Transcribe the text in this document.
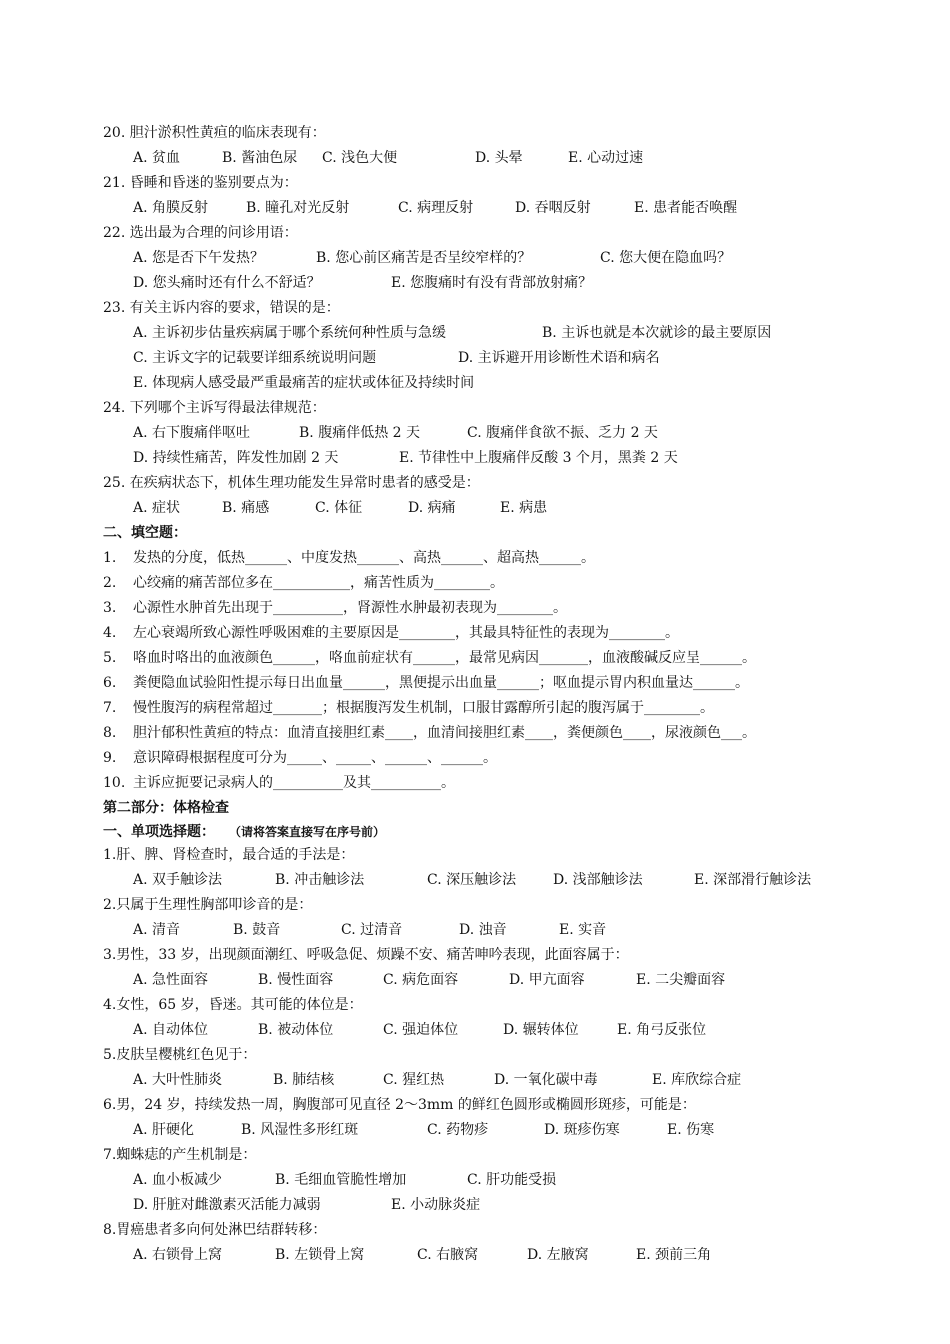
20. 胆汁淤积性黄疸的临床表现有：
A. 贫血	B. 酱油色尿 C. 浅色大便	D. 头晕	E. 心动过速
21. 昏睡和昏迷的鉴别要点为：
A. 角膜反射	B. 瞳孔对光反射	C. 病理反射	D. 吞咽反射	E. 患者能否唤醒
22. 选出最为合理的问诊用语：
A. 您是否下午发热？	B. 您心前区痛苦是否呈绞窄样的？	C. 您大便在隐血吗？
D. 您头痛时还有什么不舒适？	E. 您腹痛时有没有背部放射痛？
23. 有关主诉内容的要求，错误的是：
A. 主诉初步估量疾病属于哪个系统何种性质与急缓	B. 主诉也就是本次就诊的最主要原因
C. 主诉文字的记载要详细系统说明问题	D. 主诉避开用诊断性术语和病名
E. 体现病人感受最严重最痛苦的症状或体征及持续时间
24. 下列哪个主诉写得最法律规范：
A. 右下腹痛伴呕吐	B. 腹痛伴低热 2 天	C. 腹痛伴食欲不振、乏力 2 天
D. 持续性痛苦，阵发性加剧 2 天	E. 节律性中上腹痛伴反酸 3 个月，黑粪 2 天
25. 在疾病状态下，机体生理功能发生异常时患者的感受是：
A. 症状	B. 痛感	C. 体征	D. 病痛	E. 病患
二、填空题：
1. 发热的分度，低热______、中度发热______、高热______、超高热______。
2. 心绞痛的痛苦部位多在___________，痛苦性质为________。
3. 心源性水肿首先出现于__________，肾源性水肿最初表现为________。
4. 左心衰竭所致心源性呼吸困难的主要原因是________，其最具特征性的表现为________。
5. 咯血时咯出的血液颜色______，咯血前症状有______，最常见病因_______，血液酸碱反应呈______。
6. 粪便隐血试验阳性提示每日出血量______，黑便提示出血量______；呕血提示胃内积血量达______。
7. 慢性腹泻的病程常超过_______；根据腹泻发生机制，口服甘露醇所引起的腹泻属于________。
8. 胆汁郁积性黄疸的特点：血清直接胆红素____，血清间接胆红素____，粪便颜色____，尿液颜色___。
9. 意识障碍根据程度可分为_____、_____、______、______。
10. 主诉应扼要记录病人的__________及其__________。
第二部分：体格检查
一、单项选择题： （请将答案直接写在序号前）
1.肝、脾、肾检查时，最合适的手法是：
A. 双手触诊法	B. 冲击触诊法	C. 深压触诊法	D. 浅部触诊法	E. 深部滑行触诊法
2.只属于生理性胸部叩诊音的是：
A. 清音	B. 鼓音	C. 过清音	D. 浊音	E. 实音
3.男性，33 岁，出现颜面潮红、呼吸急促、烦躁不安、痛苦呻吟表现，此面容属于：
A. 急性面容	B. 慢性面容	C. 病危面容	D. 甲亢面容	E. 二尖瓣面容
4.女性，65 岁，昏迷。其可能的体位是：
A. 自动体位	B. 被动体位	C. 强迫体位	D. 辗转体位	E. 角弓反张位
5.皮肤呈樱桃红色见于：
A. 大叶性肺炎	B. 肺结核	C. 猩红热	D. 一氧化碳中毒	E. 库欣综合症
6.男，24 岁，持续发热一周，胸腹部可见直径 2～3mm 的鲜红色圆形或椭圆形斑疹，可能是：
A. 肝硬化	B. 风湿性多形红斑	C. 药物疹	D. 斑疹伤寒	E. 伤寒
7.蜘蛛痣的产生机制是：
A. 血小板减少	B. 毛细血管脆性增加	C. 肝功能受损
D. 肝脏对雌激素灭活能力减弱	E. 小动脉炎症
8.胃癌患者多向何处淋巴结群转移：
A. 右锁骨上窝	B. 左锁骨上窝	C. 右腋窝	D. 左腋窝	E. 颈前三角
